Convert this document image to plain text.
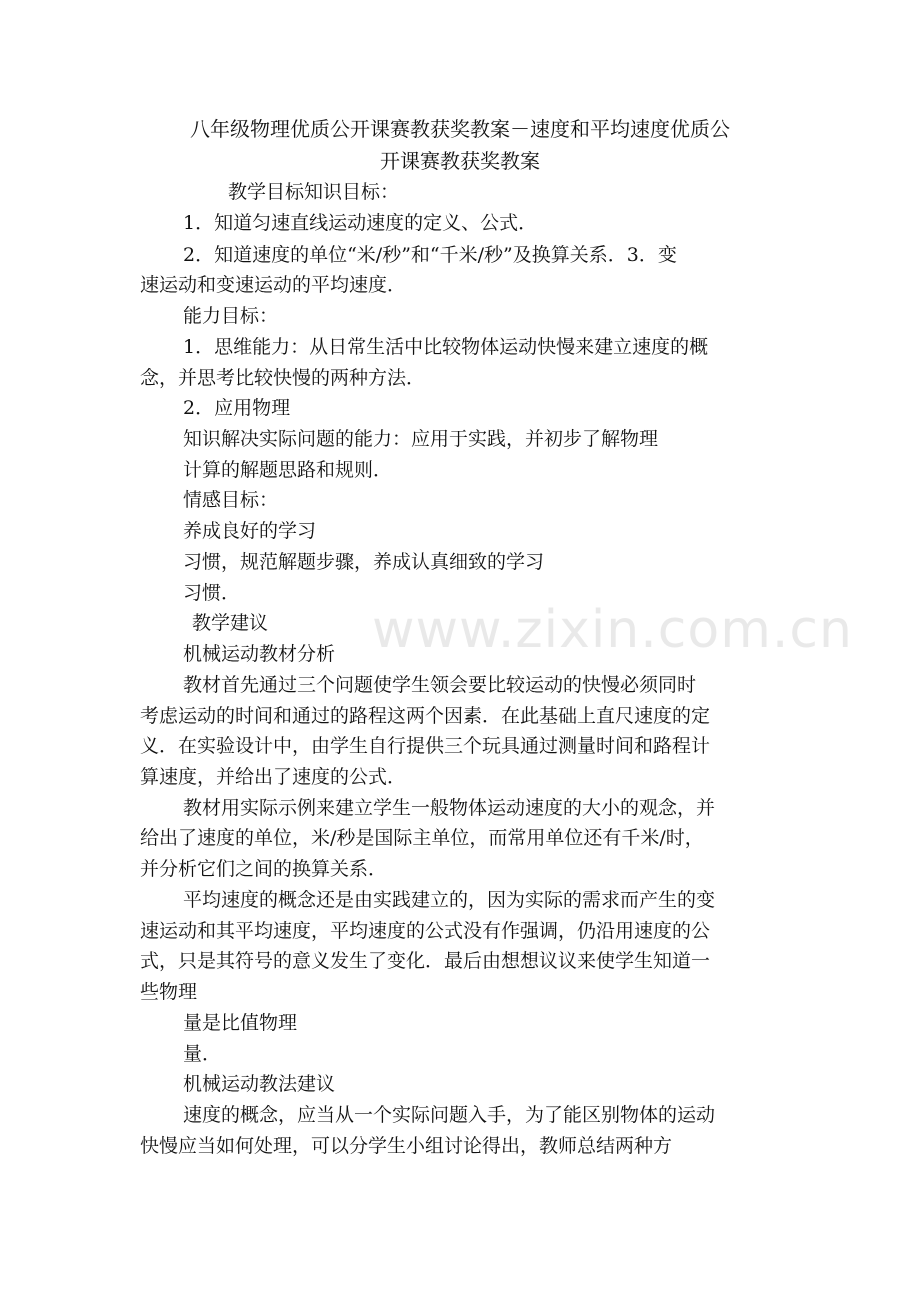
www.zixin.com.cn
八年级物理优质公开课赛教获奖教案－速度和平均速度优质公
开课赛教获奖教案
教学目标知识目标：
1．知道匀速直线运动速度的定义、公式．
2．知道速度的单位“米/秒”和“千米/秒”及换算关系．3．变
速运动和变速运动的平均速度．
能力目标：
1．思维能力：从日常生活中比较物体运动快慢来建立速度的概
念，并思考比较快慢的两种方法．
2．应用物理
知识解决实际问题的能力：应用于实践，并初步了解物理
计算的解题思路和规则．
情感目标：
养成良好的学习
习惯，规范解题步骤，养成认真细致的学习
习惯．
教学建议
机械运动教材分析
教材首先通过三个问题使学生领会要比较运动的快慢必须同时
考虑运动的时间和通过的路程这两个因素．在此基础上直尺速度的定
义．在实验设计中，由学生自行提供三个玩具通过测量时间和路程计
算速度，并给出了速度的公式．
教材用实际示例来建立学生一般物体运动速度的大小的观念，并
给出了速度的单位，米/秒是国际主单位，而常用单位还有千米/时，
并分析它们之间的换算关系．
平均速度的概念还是由实践建立的，因为实际的需求而产生的变
速运动和其平均速度，平均速度的公式没有作强调，仍沿用速度的公
式，只是其符号的意义发生了变化．最后由想想议议来使学生知道一
些物理
量是比值物理
量．
机械运动教法建议
速度的概念，应当从一个实际问题入手，为了能区别物体的运动
快慢应当如何处理，可以分学生小组讨论得出，教师总结两种方
